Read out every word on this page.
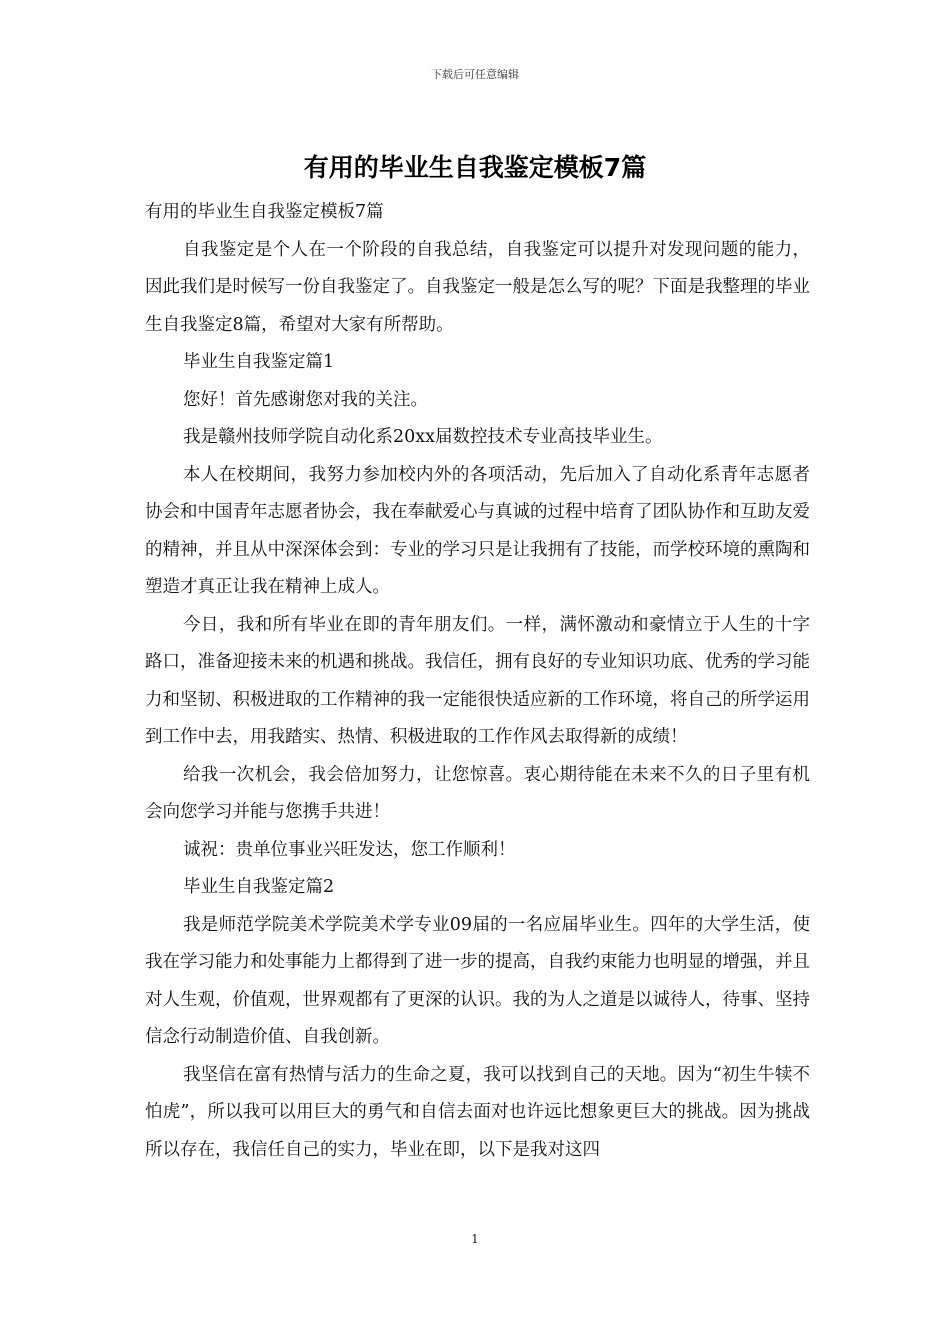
下载后可任意编辑
有用的毕业生自我鉴定模板7篇

有用的毕业生自我鉴定模板7篇

自我鉴定是个人在一个阶段的自我总结，自我鉴定可以提升对发现问题的能力，因此我们是时候写一份自我鉴定了。自我鉴定一般是怎么写的呢？下面是我整理的毕业生自我鉴定8篇，希望对大家有所帮助。

毕业生自我鉴定篇1

您好！首先感谢您对我的关注。

我是赣州技师学院自动化系20xx届数控技术专业高技毕业生。

本人在校期间，我努力参加校内外的各项活动，先后加入了自动化系青年志愿者协会和中国青年志愿者协会，我在奉献爱心与真诚的过程中培育了团队协作和互助友爱的精神，并且从中深深体会到：专业的学习只是让我拥有了技能，而学校环境的熏陶和塑造才真正让我在精神上成人。

今日，我和所有毕业在即的青年朋友们。一样，满怀激动和豪情立于人生的十字路口，准备迎接未来的机遇和挑战。我信任，拥有良好的专业知识功底、优秀的学习能力和坚韧、积极进取的工作精神的我一定能很快适应新的工作环境，将自己的所学运用到工作中去，用我踏实、热情、积极进取的工作作风去取得新的成绩！

给我一次机会，我会倍加努力，让您惊喜。衷心期待能在未来不久的日子里有机会向您学习并能与您携手共进！

诚祝：贵单位事业兴旺发达，您工作顺利！

毕业生自我鉴定篇2

我是师范学院美术学院美术学专业09届的一名应届毕业生。四年的大学生活，使我在学习能力和处事能力上都得到了进一步的提高，自我约束能力也明显的增强，并且对人生观，价值观，世界观都有了更深的认识。我的为人之道是以诚待人，待事、坚持信念行动制造价值、自我创新。

我坚信在富有热情与活力的生命之夏，我可以找到自己的天地。因为“初生牛犊不怕虎”，所以我可以用巨大的勇气和自信去面对也许远比想象更巨大的挑战。因为挑战所以存在，我信任自己的实力，毕业在即，以下是我对这四

1
